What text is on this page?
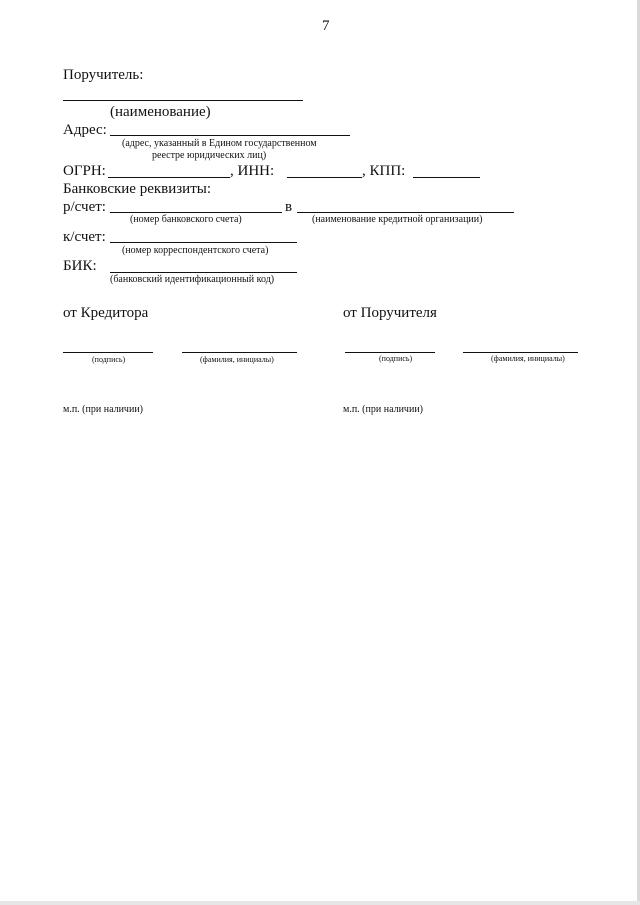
7
Поручитель:
(наименование)
Адрес:
(адрес, указанный в Едином государственном
реестре юридических лиц)
ОГРН:	, ИНН:	, КПП:
Банковские реквизиты:
р/счет:	в
(номер банковского счета)	(наименование кредитной организации)
к/счет:
(номер корреспондентского счета)
БИК:
(банковский идентификационный код)
от Кредитора	от Поручителя
(подпись)	(фамилия, инициалы)	(подпись)	(фамилия, инициалы)
м.п. (при наличии)	м.п. (при наличии)
